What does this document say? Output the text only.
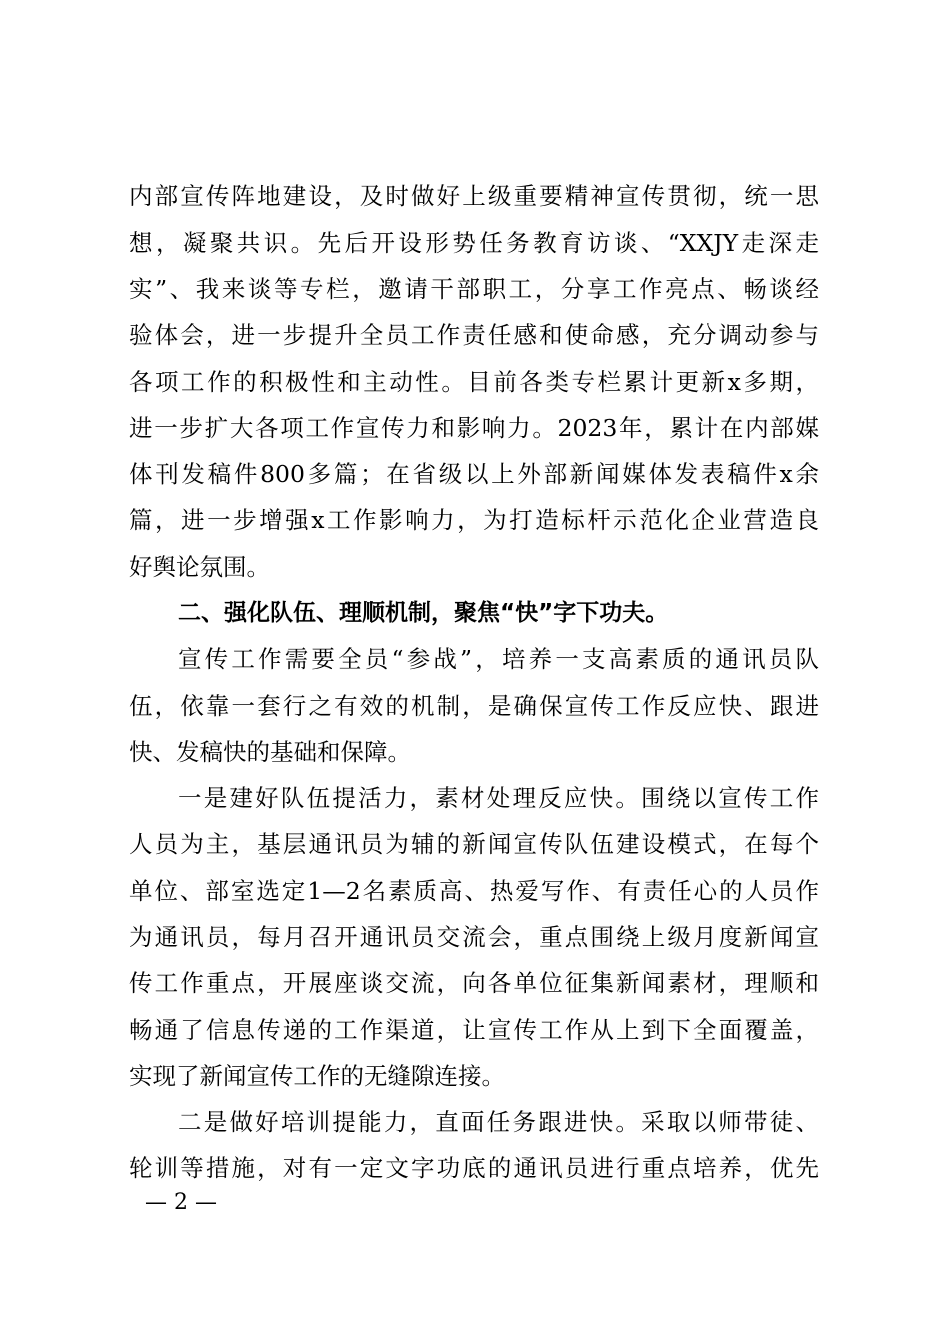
内部宣传阵地建设，及时做好上级重要精神宣传贯彻，统一思
想，凝聚共识。先后开设形势任务教育访谈、“XXJY走深走
实”、我来谈等专栏，邀请干部职工，分享工作亮点、畅谈经
验体会，进一步提升全员工作责任感和使命感，充分调动参与
各项工作的积极性和主动性。目前各类专栏累计更新x多期，
进一步扩大各项工作宣传力和影响力。2023年，累计在内部媒
体刊发稿件800多篇；在省级以上外部新闻媒体发表稿件x余
篇，进一步增强x工作影响力，为打造标杆示范化企业营造良
好舆论氛围。
二、强化队伍、理顺机制，聚焦“快”字下功夫。
宣传工作需要全员“参战”，培养一支高素质的通讯员队
伍，依靠一套行之有效的机制，是确保宣传工作反应快、跟进
快、发稿快的基础和保障。
一是建好队伍提活力，素材处理反应快。围绕以宣传工作
人员为主，基层通讯员为辅的新闻宣传队伍建设模式，在每个
单位、部室选定1—2名素质高、热爱写作、有责任心的人员作
为通讯员，每月召开通讯员交流会，重点围绕上级月度新闻宣
传工作重点，开展座谈交流，向各单位征集新闻素材，理顺和
畅通了信息传递的工作渠道，让宣传工作从上到下全面覆盖，
实现了新闻宣传工作的无缝隙连接。
二是做好培训提能力，直面任务跟进快。采取以师带徒、
轮训等措施，对有一定文字功底的通讯员进行重点培养，优先
— 2 —
